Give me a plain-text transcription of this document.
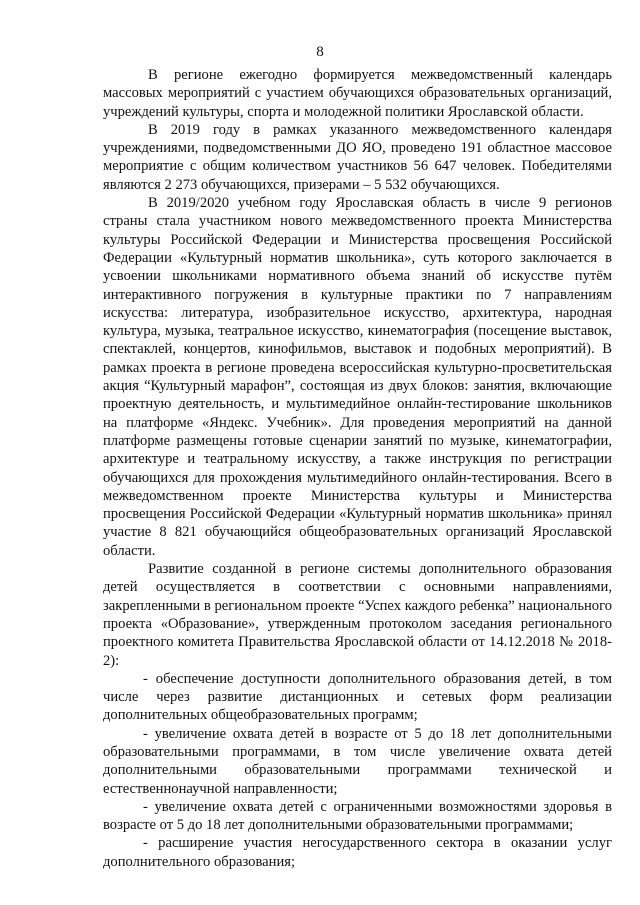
8

В регионе ежегодно формируется межведомственный календарь массовых мероприятий с участием обучающихся образовательных организаций, учреждений культуры, спорта и молодежной политики Ярославской области.

В 2019 году в рамках указанного межведомственного календаря учреждениями, подведомственными ДО ЯО, проведено 191 областное массовое мероприятие с общим количеством участников 56 647 человек. Победителями являются 2 273 обучающихся, призерами – 5 532 обучающихся.

В 2019/2020 учебном году Ярославская область в числе 9 регионов страны стала участником нового межведомственного проекта Министерства культуры Российской Федерации и Министерства просвещения Российской Федерации «Культурный норматив школьника», суть которого заключается в усвоении школьниками нормативного объема знаний об искусстве путём интерактивного погружения в культурные практики по 7 направлениям искусства: литература, изобразительное искусство, архитектура, народная культура, музыка, театральное искусство, кинематография (посещение выставок, спектаклей, концертов, кинофильмов, выставок и подобных мероприятий). В рамках проекта в регионе проведена всероссийская культурно-просветительская акция “Культурный марафон”, состоящая из двух блоков: занятия, включающие проектную деятельность, и мультимедийное онлайн-тестирование школьников на платформе «Яндекс. Учебник». Для проведения мероприятий на данной платформе размещены готовые сценарии занятий по музыке, кинематографии, архитектуре и театральному искусству, а также инструкция по регистрации обучающихся для прохождения мультимедийного онлайн-тестирования. Всего в межведомственном проекте Министерства культуры и Министерства просвещения Российской Федерации «Культурный норматив школьника» принял участие 8 821 обучающийся общеобразовательных организаций Ярославской области.

Развитие созданной в регионе системы дополнительного образования детей осуществляется в соответствии с основными направлениями, закрепленными в региональном проекте “Успех каждого ребенка” национального проекта «Образование», утвержденным протоколом заседания регионального проектного комитета Правительства Ярославской области от 14.12.2018 № 2018-2):

- обеспечение доступности дополнительного образования детей, в том числе через развитие дистанционных и сетевых форм реализации дополнительных общеобразовательных программ;

- увеличение охвата детей в возрасте от 5 до 18 лет дополнительными образовательными программами, в том числе увеличение охвата детей дополнительными образовательными программами технической и естественнонаучной направленности;

- увеличение охвата детей с ограниченными возможностями здоровья в возрасте от 5 до 18 лет дополнительными образовательными программами;

- расширение участия негосударственного сектора в оказании услуг дополнительного образования;
